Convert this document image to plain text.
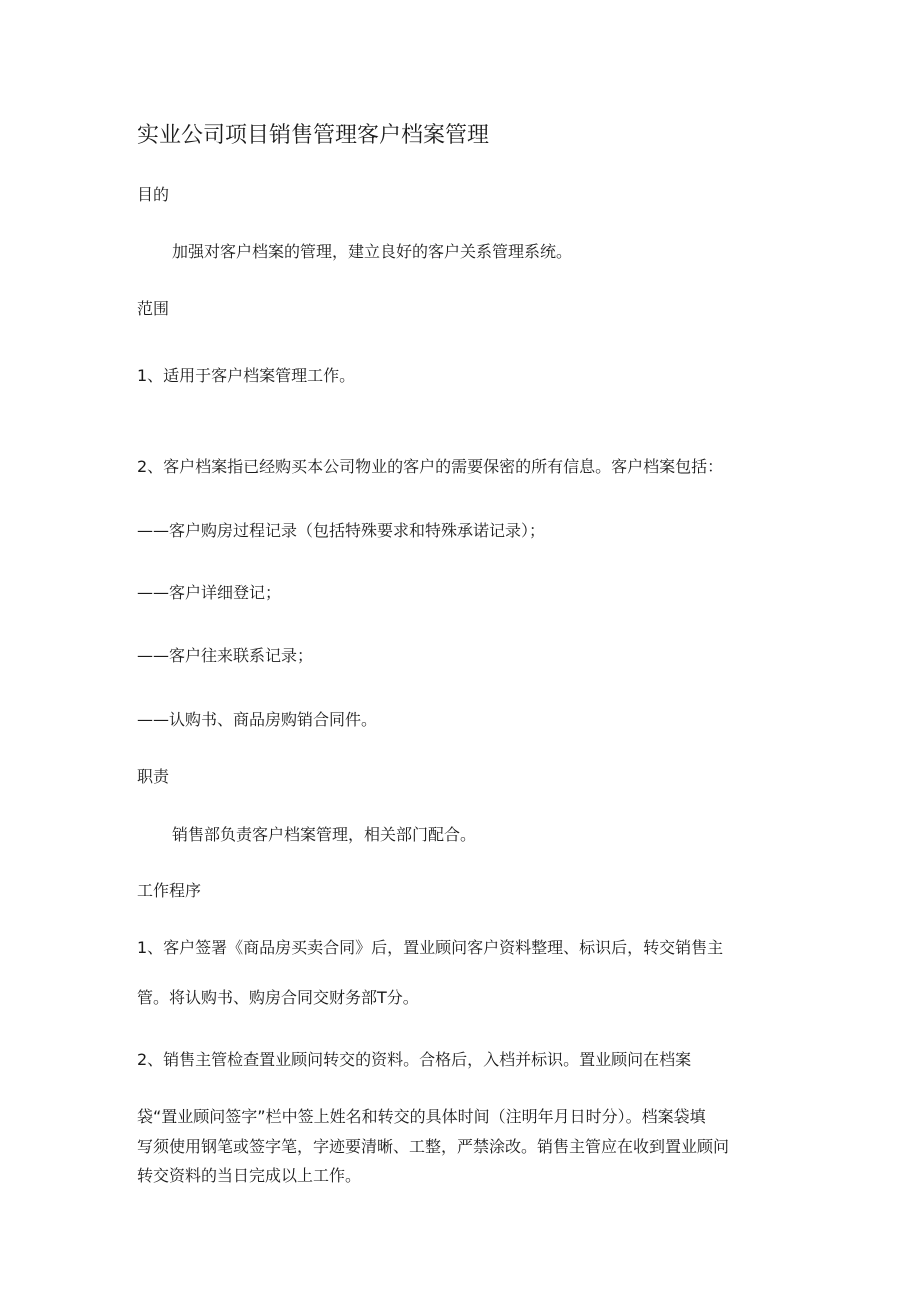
实业公司项目销售管理客户档案管理
目的
加强对客户档案的管理，建立良好的客户关系管理系统。
范围
1、适用于客户档案管理工作。
2、客户档案指已经购买本公司物业的客户的需要保密的所有信息。客户档案包括：
——客户购房过程记录（包括特殊要求和特殊承诺记录）；
——客户详细登记；
——客户往来联系记录；
——认购书、商品房购销合同件。
职责
销售部负责客户档案管理，相关部门配合。
工作程序
1、客户签署《商品房买卖合同》后，置业顾问客户资料整理、标识后，转交销售主
管。将认购书、购房合同交财务部T分。
2、销售主管检查置业顾问转交的资料。合格后，入档并标识。置业顾问在档案
袋“置业顾问签字”栏中签上姓名和转交的具体时间（注明年月日时分）。档案袋填
写须使用钢笔或签字笔，字迹要清晰、工整，严禁涂改。销售主管应在收到置业顾问
转交资料的当日完成以上工作。
